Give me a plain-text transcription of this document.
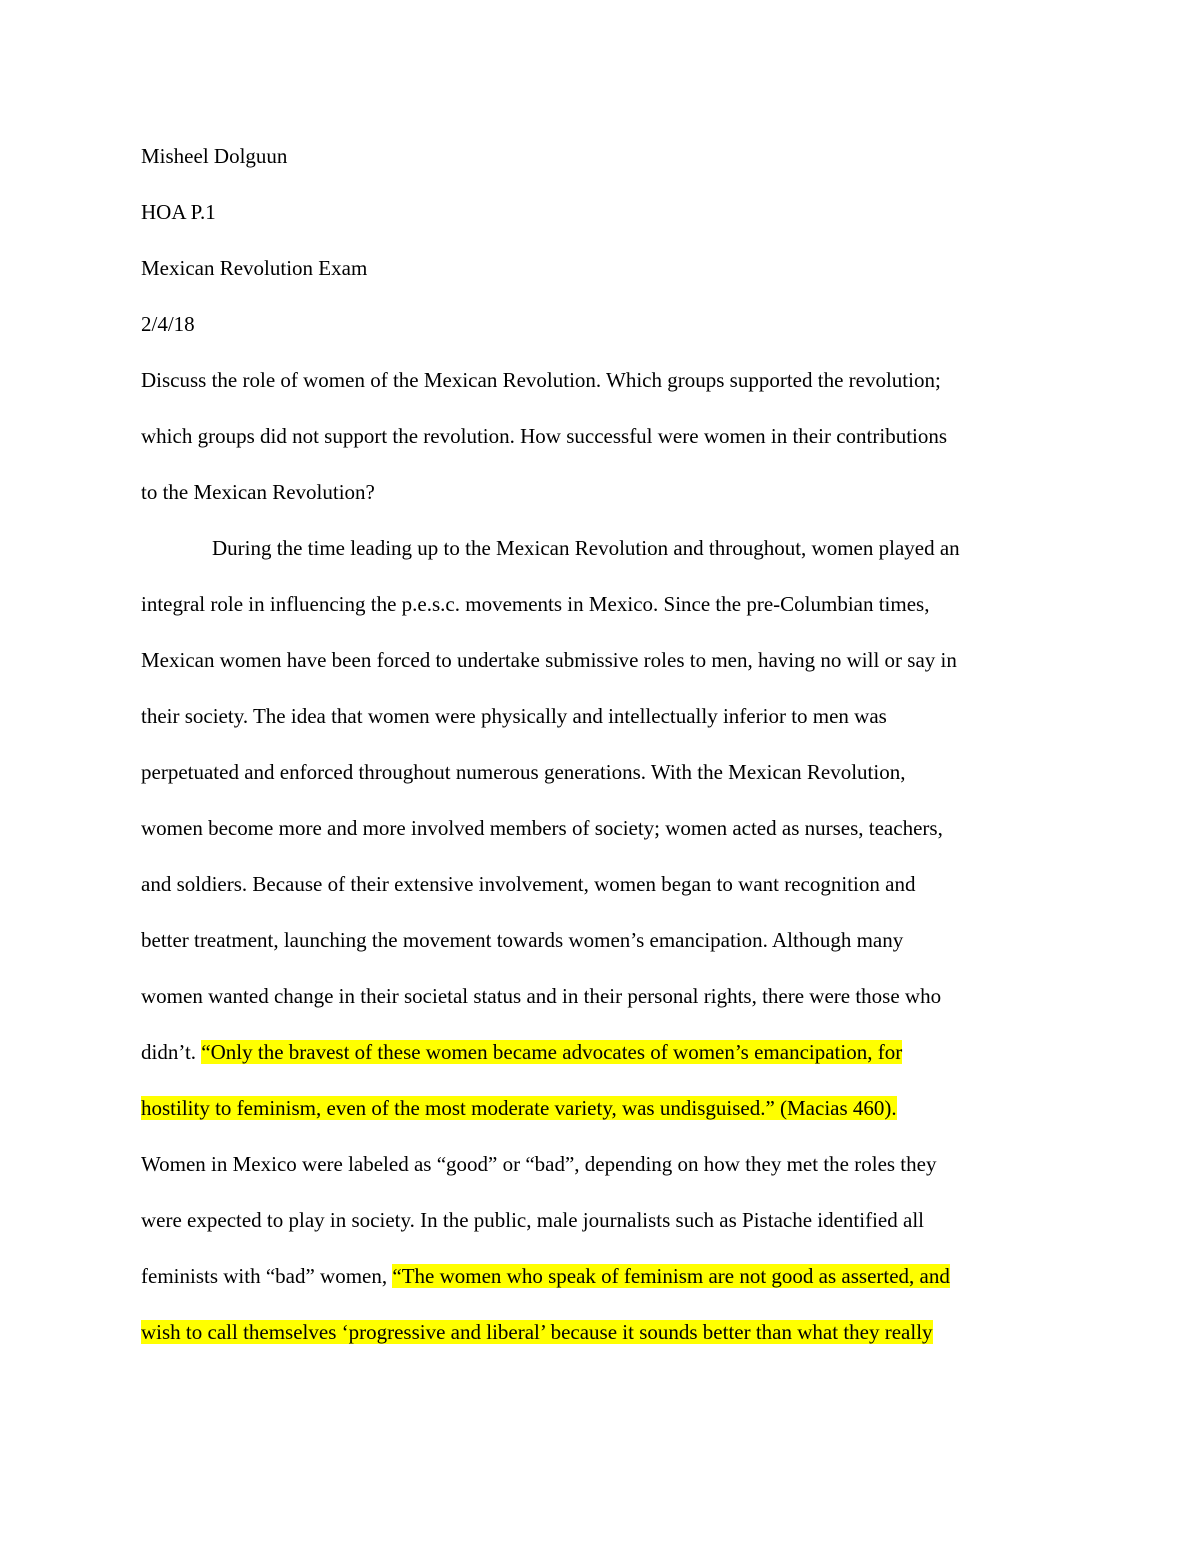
Misheel Dolguun
HOA P.1
Mexican Revolution Exam
2/4/18
Discuss the role of women of the Mexican Revolution. Which groups supported the revolution;
which groups did not support the revolution. How successful were women in their contributions
to the Mexican Revolution?
During the time leading up to the Mexican Revolution and throughout, women played an
integral role in influencing the p.e.s.c. movements in Mexico. Since the pre-Columbian times,
Mexican women have been forced to undertake submissive roles to men, having no will or say in
their society. The idea that women were physically and intellectually inferior to men was
perpetuated and enforced throughout numerous generations. With the Mexican Revolution,
women become more and more involved members of society; women acted as nurses, teachers,
and soldiers. Because of their extensive involvement, women began to want recognition and
better treatment, launching the movement towards women’s emancipation. Although many
women wanted change in their societal status and in their personal rights, there were those who
didn’t. “Only the bravest of these women became advocates of women’s emancipation, for
hostility to feminism, even of the most moderate variety, was undisguised.” (Macias 460).
Women in Mexico were labeled as “good” or “bad”, depending on how they met the roles they
were expected to play in society. In the public, male journalists such as Pistache identified all
feminists with “bad” women, “The women who speak of feminism are not good as asserted, and
wish to call themselves ‘progressive and liberal’ because it sounds better than what they really
